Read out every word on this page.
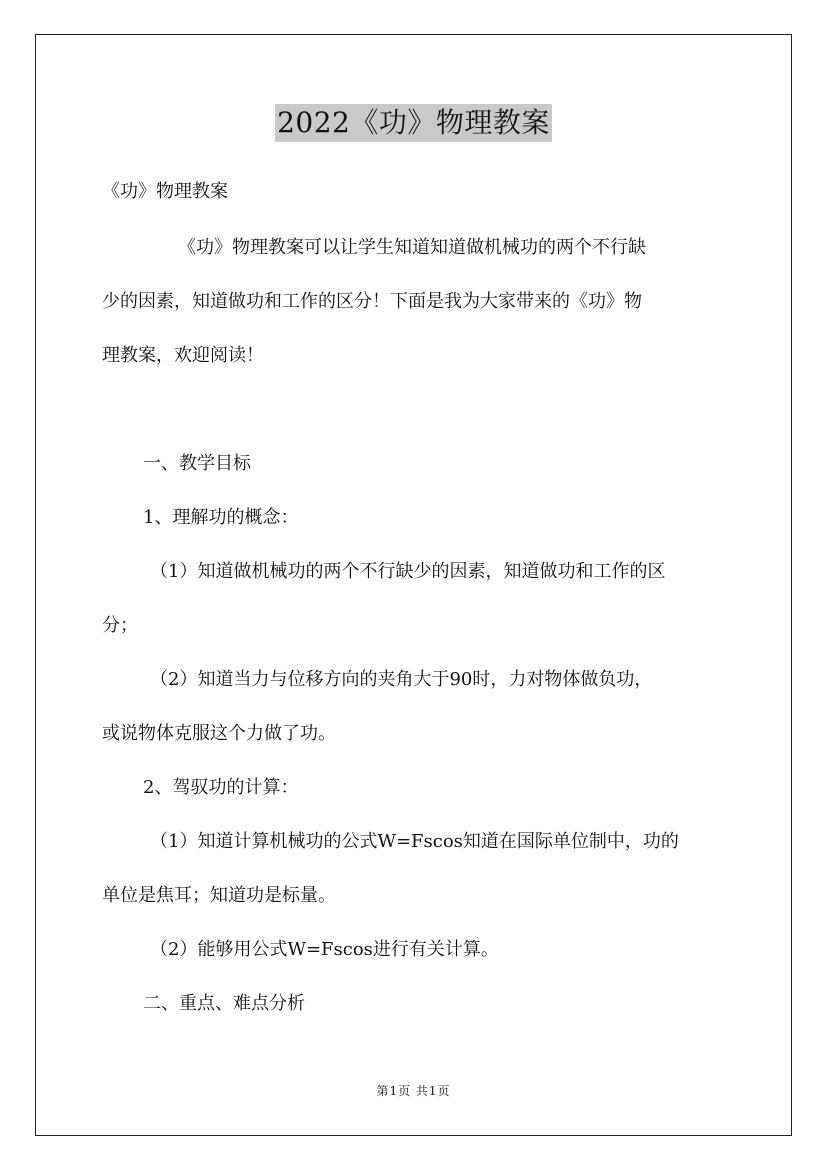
2022《功》物理教案
《功》物理教案
《功》物理教案可以让学生知道知道做机械功的两个不行缺
少的因素，知道做功和工作的区分！下面是我为大家带来的《功》物
理教案，欢迎阅读！
一、教学目标
1、理解功的概念：
（1）知道做机械功的两个不行缺少的因素，知道做功和工作的区
分；
（2）知道当力与位移方向的夹角大于90时，力对物体做负功，
或说物体克服这个力做了功。
2、驾驭功的计算：
（1）知道计算机械功的公式W=Fscos知道在国际单位制中，功的
单位是焦耳；知道功是标量。
（2）能够用公式W=Fscos进行有关计算。
二、重点、难点分析
第1页 共1页
